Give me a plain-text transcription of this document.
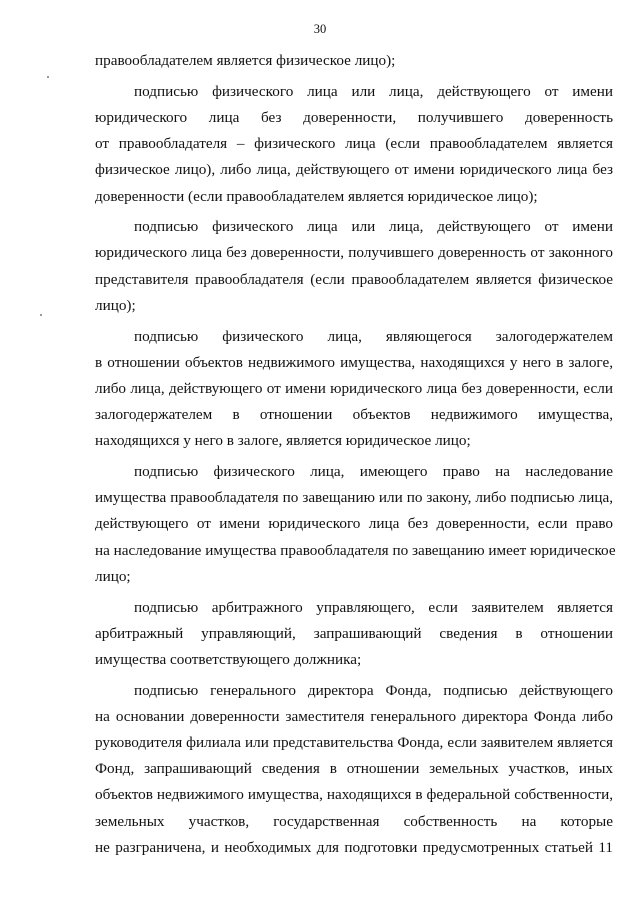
30
правообладателем является физическое лицо);
подписью физического лица или лица, действующего от имени
юридического лица без доверенности, получившего доверенность
от правообладателя – физического лица (если правообладателем является
физическое лицо), либо лица, действующего от имени юридического лица без
доверенности (если правообладателем является юридическое лицо);
подписью физического лица или лица, действующего от имени
юридического лица без доверенности, получившего доверенность от законного
представителя правообладателя (если правообладателем является физическое
лицо);
подписью физического лица, являющегося залогодержателем
в отношении объектов недвижимого имущества, находящихся у него в залоге,
либо лица, действующего от имени юридического лица без доверенности, если
залогодержателем в отношении объектов недвижимого имущества,
находящихся у него в залоге, является юридическое лицо;
подписью физического лица, имеющего право на наследование
имущества правообладателя по завещанию или по закону, либо подписью лица,
действующего от имени юридического лица без доверенности, если право
на наследование имущества правообладателя по завещанию имеет юридическое
лицо;
подписью арбитражного управляющего, если заявителем является
арбитражный управляющий, запрашивающий сведения в отношении
имущества соответствующего должника;
подписью генерального директора Фонда, подписью действующего
на основании доверенности заместителя генерального директора Фонда либо
руководителя филиала или представительства Фонда, если заявителем является
Фонд, запрашивающий сведения в отношении земельных участков, иных
объектов недвижимого имущества, находящихся в федеральной собственности,
земельных участков, государственная собственность на которые
не разграничена, и необходимых для подготовки предусмотренных статьей 11
